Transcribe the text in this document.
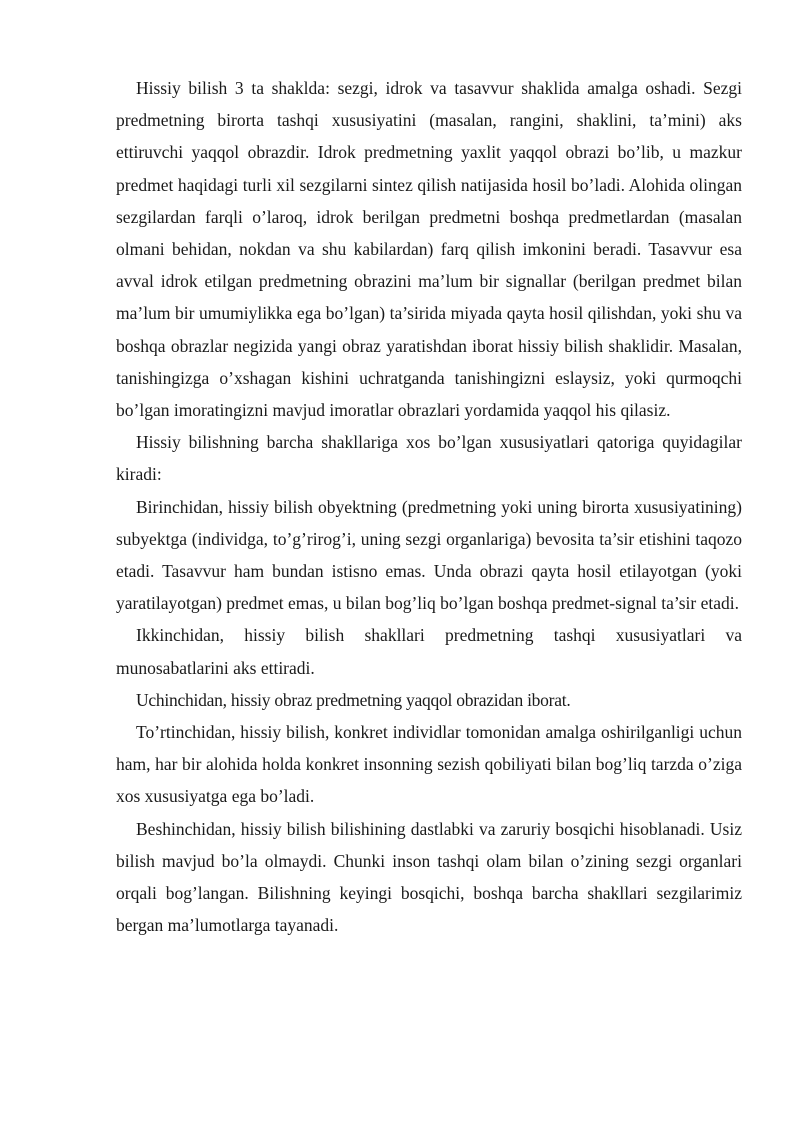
Hissiy bilish 3 ta shaklda: sezgi, idrok va tasavvur shaklida amalga oshadi. Sezgi predmetning birorta tashqi xususiyatini (masalan, rangini, shaklini, ta’mini) aks ettiruvchi yaqqol obrazdir. Idrok predmetning yaxlit yaqqol obrazi bo’lib, u mazkur predmet haqidagi turli xil sezgilarni sintez qilish natijasida hosil bo’ladi. Alohida olingan sezgilardan farqli o’laroq, idrok berilgan predmetni boshqa predmetlardan (masalan olmani behidan, nokdan va shu kabilardan) farq qilish imkonini beradi. Tasavvur esa avval idrok etilgan predmetning obrazini ma’lum bir signallar (berilgan predmet bilan ma’lum bir umumiylikka ega bo’lgan) ta’sirida miyada qayta hosil qilishdan, yoki shu va boshqa obrazlar negizida yangi obraz yaratishdan iborat hissiy bilish shaklidir. Masalan, tanishingizga o’xshagan kishini uchratganda tanishingizni eslaysiz, yoki qurmoqchi bo’lgan imoratingizni mavjud imoratlar obrazlari yordamida yaqqol his qilasiz.

Hissiy bilishning barcha shakllariga xos bo’lgan xususiyatlari qatoriga quyidagilar kiradi:

Birinchidan, hissiy bilish obyektning (predmetning yoki uning birorta xususiyatining) subyektga (individga, to’g’rirog’i, uning sezgi organlariga) bevosita ta’sir etishini taqozo etadi. Tasavvur ham bundan istisno emas. Unda obrazi qayta hosil etilayotgan (yoki yaratilayotgan) predmet emas, u bilan bog’liq bo’lgan boshqa predmet-signal ta’sir etadi.

Ikkinchidan, hissiy bilish shakllari predmetning tashqi xususiyatlari va munosabatlarini aks ettiradi.

Uchinchidan, hissiy obraz predmetning yaqqol obrazidan iborat.

To’rtinchidan, hissiy bilish, konkret individlar tomonidan amalga oshirilganligi uchun ham, har bir alohida holda konkret insonning sezish qobiliyati bilan bog’liq tarzda o’ziga xos xususiyatga ega bo’ladi.

Beshinchidan, hissiy bilish bilishining dastlabki va zaruriy bosqichi hisoblanadi. Usiz bilish mavjud bo’la olmaydi. Chunki inson tashqi olam bilan o’zining sezgi organlari orqali bog’langan. Bilishning keyingi bosqichi, boshqa barcha shakllari sezgilarimiz bergan ma’lumotlarga tayanadi.
